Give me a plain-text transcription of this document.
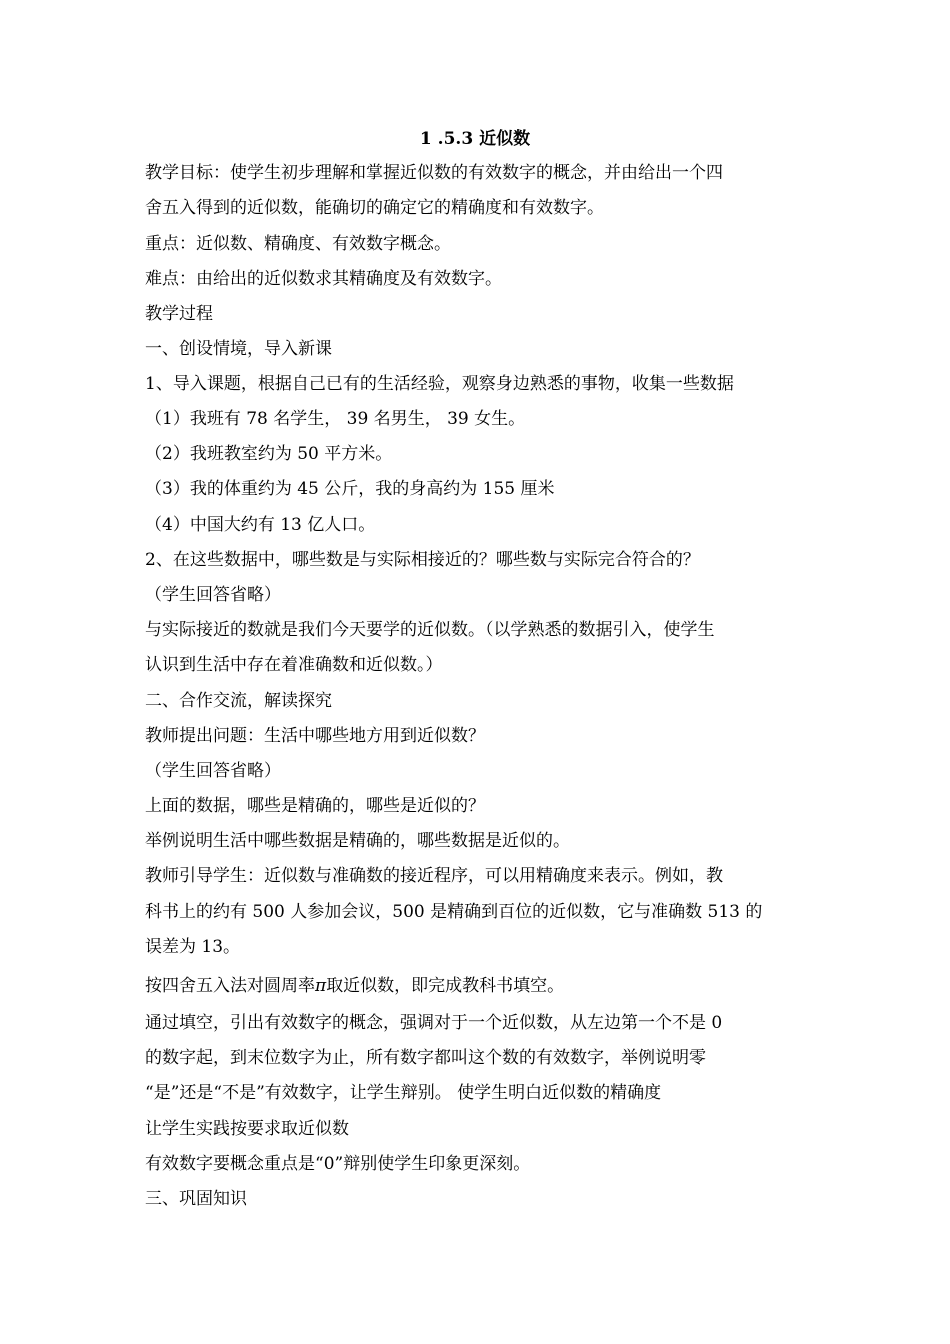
1 .5.3 近似数
教学目标：使学生初步理解和掌握近似数的有效数字的概念，并由给出一个四
舍五入得到的近似数，能确切的确定它的精确度和有效数字。
重点：近似数、精确度、有效数字概念。
难点：由给出的近似数求其精确度及有效数字。
教学过程
一、创设情境，导入新课
1、导入课题，根据自己已有的生活经验，观察身边熟悉的事物，收集一些数据
（1）我班有 78 名学生， 39 名男生， 39 女生。
（2）我班教室约为 50 平方米。
（3）我的体重约为 45 公斤，我的身高约为 155 厘米
（4）中国大约有 13 亿人口。
2、在这些数据中，哪些数是与实际相接近的？哪些数与实际完合符合的？
（学生回答省略）
与实际接近的数就是我们今天要学的近似数。（以学熟悉的数据引入，使学生
认识到生活中存在着准确数和近似数。）
二、合作交流，解读探究
教师提出问题：生活中哪些地方用到近似数？
（学生回答省略）
上面的数据，哪些是精确的，哪些是近似的？
举例说明生活中哪些数据是精确的，哪些数据是近似的。
教师引导学生：近似数与准确数的接近程序，可以用精确度来表示。例如，教
科书上的约有 500 人参加会议，500 是精确到百位的近似数，它与准确数 513 的
误差为 13。
按四舍五入法对圆周率π取近似数，即完成教科书填空。
通过填空，引出有效数字的概念，强调对于一个近似数，从左边第一个不是 0
的数字起，到末位数字为止，所有数字都叫这个数的有效数字，举例说明零
“是”还是“不是”有效数字，让学生辩别。 使学生明白近似数的精确度
让学生实践按要求取近似数
有效数字要概念重点是“0”辩别使学生印象更深刻。
三、巩固知识
